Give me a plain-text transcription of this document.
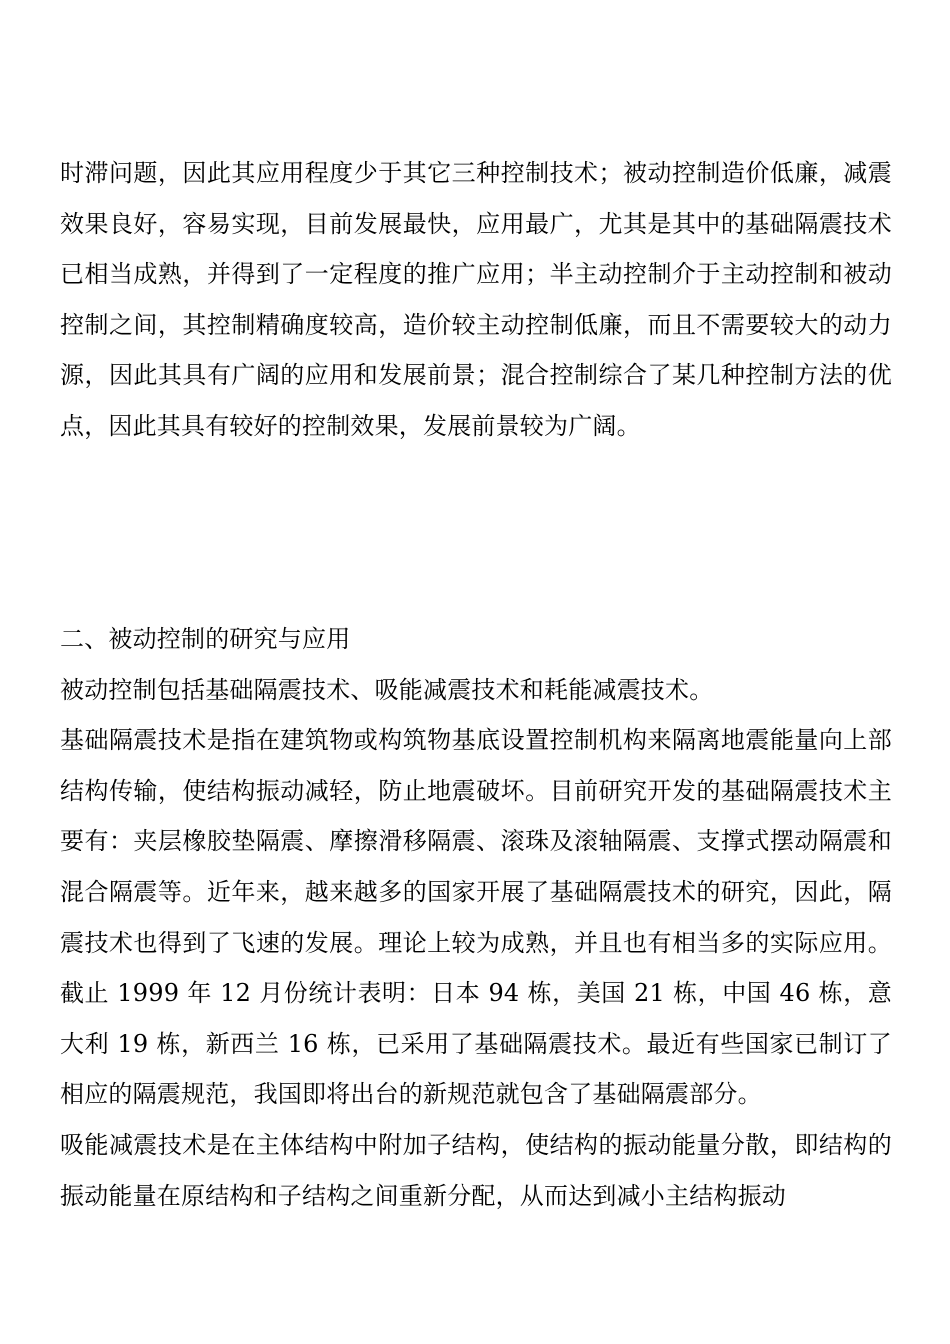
时滞问题，因此其应用程度少于其它三种控制技术；被动控制造价低廉，减震效果良好，容易实现，目前发展最快，应用最广，尤其是其中的基础隔震技术已相当成熟，并得到了一定程度的推广应用；半主动控制介于主动控制和被动控制之间，其控制精确度较高，造价较主动控制低廉，而且不需要较大的动力源，因此其具有广阔的应用和发展前景；混合控制综合了某几种控制方法的优点，因此其具有较好的控制效果，发展前景较为广阔。

二、被动控制的研究与应用

被动控制包括基础隔震技术、吸能减震技术和耗能减震技术。

基础隔震技术是指在建筑物或构筑物基底设置控制机构来隔离地震能量向上部结构传输，使结构振动减轻，防止地震破坏。目前研究开发的基础隔震技术主要有：夹层橡胶垫隔震、摩擦滑移隔震、滚珠及滚轴隔震、支撑式摆动隔震和混合隔震等。近年来，越来越多的国家开展了基础隔震技术的研究，因此，隔震技术也得到了飞速的发展。理论上较为成熟，并且也有相当多的实际应用。截止 1999 年 12 月份统计表明：日本 94 栋，美国 21 栋，中国 46 栋，意大利 19 栋，新西兰 16 栋，已采用了基础隔震技术。最近有些国家已制订了相应的隔震规范，我国即将出台的新规范就包含了基础隔震部分。

吸能减震技术是在主体结构中附加子结构，使结构的振动能量分散，即结构的振动能量在原结构和子结构之间重新分配，从而达到减小主结构振动
